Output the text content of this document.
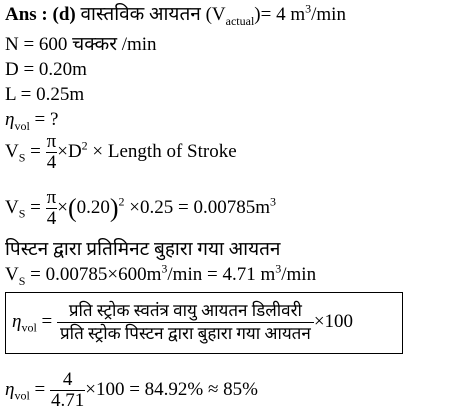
Ans : (d) वास्तविक आयतन $(V_{actual})= 4$ $m^3/\min$
N = 600 चक्कर /min
D = 0.20m
L = 0.25m
$\eta_{vol}$ = ?
$V_S = \frac{\pi}{4} \times D^2$ × Length of Stroke
$V_S = \frac{\pi}{4} \times(0.20)^2 \times 0.25 = 0.00785m^3$
पिस्टन द्वारा प्रतिमिनट बुहारा गया आयतन
$V_S = 0.00785\times 600m^3/\min = 4.71$ $m^3/\min$
$\eta_{vol} = \frac{\text{प्रति स्ट्रोक स्वतंत्र वायु आयतन डिलीवरी}}{\text{प्रति स्ट्रोक पिस्टन द्वारा बुहारा गया आयतन}} \times 100$
$\eta_{vol} = \frac{4}{4.71} \times 100 = 84.92\% \approx 85\%$
